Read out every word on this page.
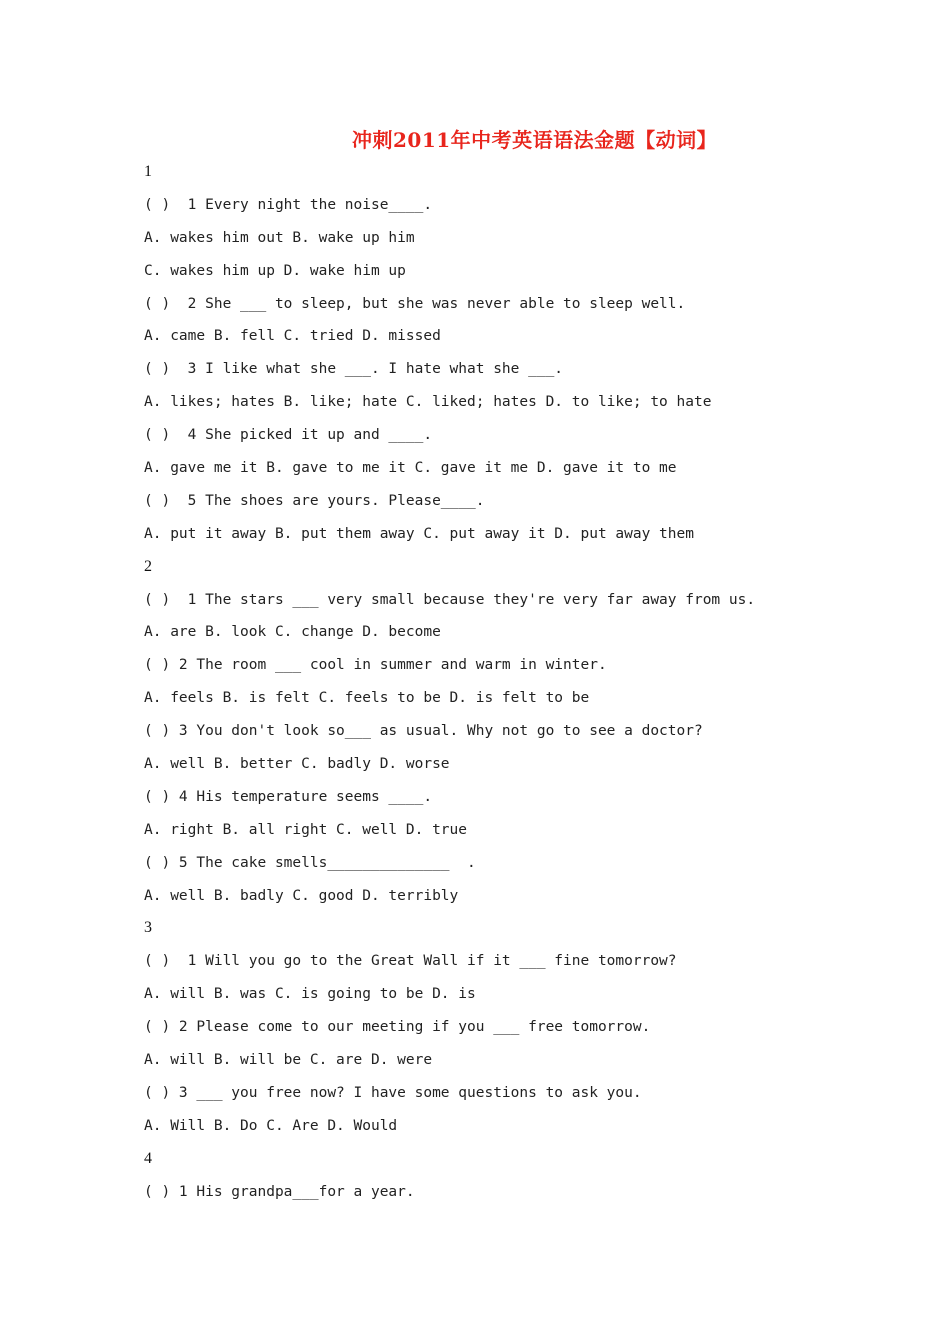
冲刺2011年中考英语语法金题【动词】
1
( )  1 Every night the noise____.
A. wakes him out B. wake up him
C. wakes him up D. wake him up
( )  2 She ___ to sleep, but she was never able to sleep well.
A. came B. fell C. tried D. missed
( )  3 I like what she ___. I hate what she ___.
A. likes; hates B. like; hate C. liked; hates D. to like; to hate
( )  4 She picked it up and ____.
A. gave me it B. gave to me it C. gave it me D. gave it to me
( )  5 The shoes are yours. Please____.
A. put it away B. put them away C. put away it D. put away them
2
( )  1 The stars ___ very small because they're very far away from us.
A. are B. look C. change D. become
( ) 2 The room ___ cool in summer and warm in winter.
A. feels B. is felt C. feels to be D. is felt to be
( ) 3 You don't look so___ as usual. Why not go to see a doctor?
A. well B. better C. badly D. worse
( ) 4 His temperature seems ____.
A. right B. all right C. well D. true
( ) 5 The cake smells______________  .
A. well B. badly C. good D. terribly
3
( )  1 Will you go to the Great Wall if it ___ fine tomorrow?
A. will B. was C. is going to be D. is
( ) 2 Please come to our meeting if you ___ free tomorrow.
A. will B. will be C. are D. were
( ) 3 ___ you free now? I have some questions to ask you.
A. Will B. Do C. Are D. Would
4
( ) 1 His grandpa___for a year.
